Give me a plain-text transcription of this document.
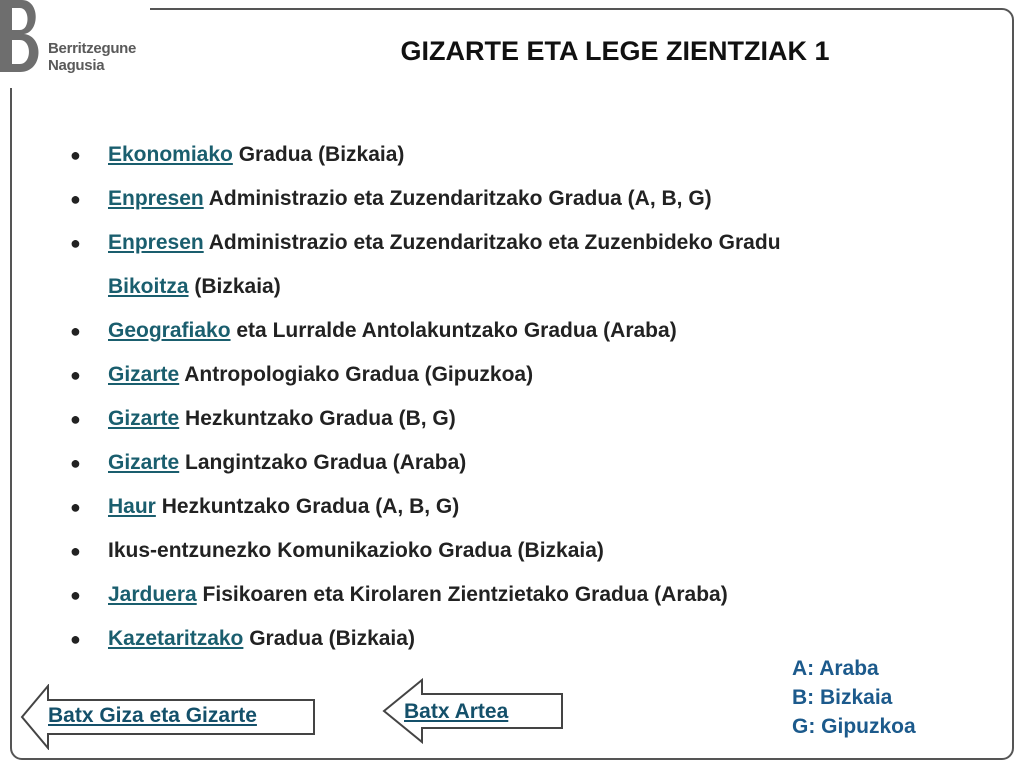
Berritzegune
Nagusia	GIZARTE ETA LEGE ZIENTZIAK 1
● Ekonomiako Gradua (Bizkaia)
● Enpresen Administrazio eta Zuzendaritzako Gradua (A, B, G)
● Enpresen Administrazio eta Zuzendaritzako eta Zuzenbideko Gradu
Bikoitza (Bizkaia)
● Geografiako eta Lurralde Antolakuntzako Gradua (Araba)
● Gizarte Antropologiako Gradua (Gipuzkoa)
● Gizarte Hezkuntzako Gradua (B, G)
● Gizarte Langintzako Gradua (Araba)
● Haur Hezkuntzako Gradua (A, B, G)
● Ikus-entzunezko Komunikazioko Gradua (Bizkaia)
● Jarduera Fisikoaren eta Kirolaren Zientzietako Gradua (Araba)
● Kazetaritzako Gradua (Bizkaia)
A: Araba
B: Bizkaia
G: Gipuzkoa
Batx Giza eta Gizarte	Batx Artea
